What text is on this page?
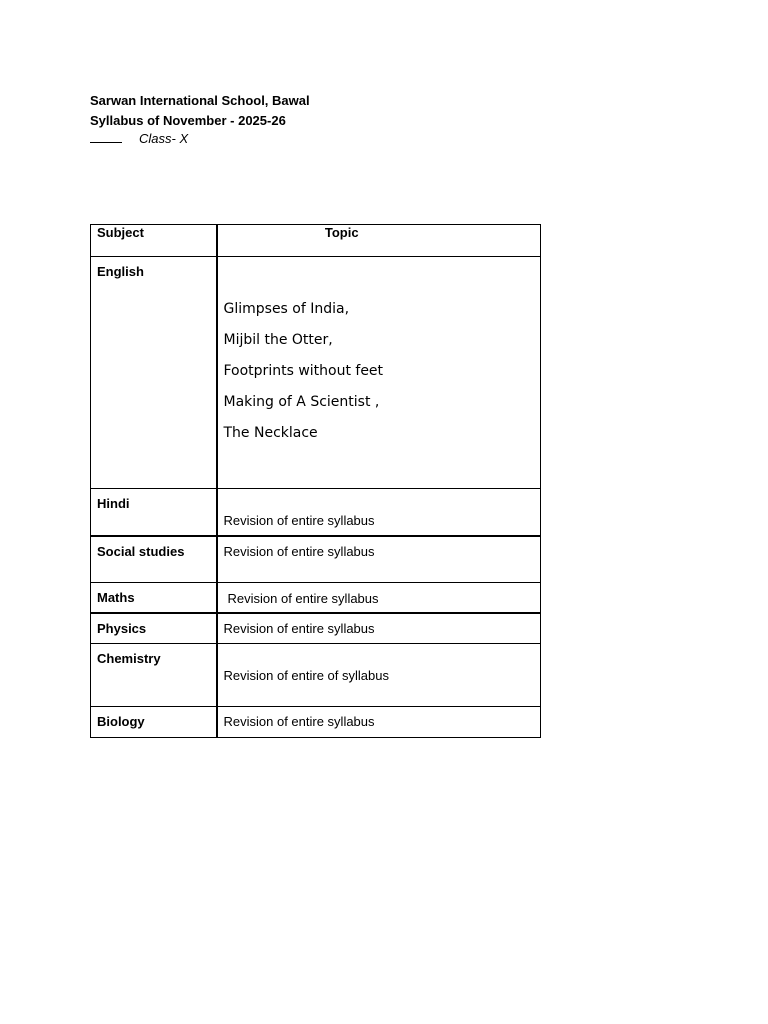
Sarwan International School, Bawal
Syllabus of November - 2025-26
Class- X
Subject	Topic

English	Glimpses of India,
Mijbil the Otter,
Footprints without feet
Making of A Scientist ,
The Necklace

Hindi	Revision of entire syllabus

Social studies	Revision of entire syllabus

Maths	Revision of entire syllabus

Physics	Revision of entire syllabus

Chemistry	Revision of entire of syllabus

Biology	Revision of entire syllabus
